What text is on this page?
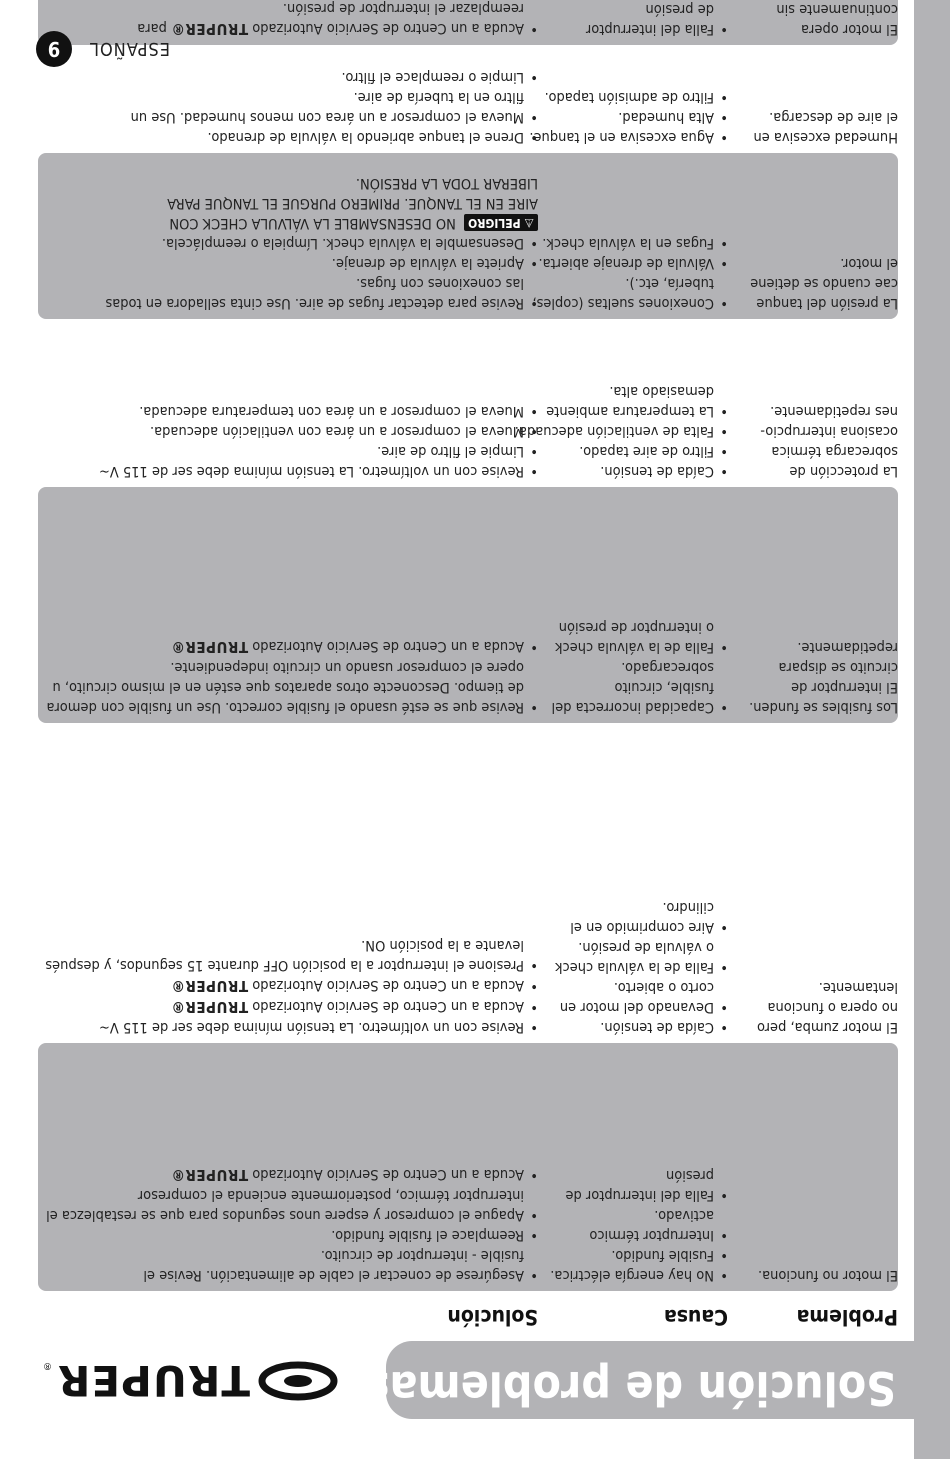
Solución de problemas
TRUPER
®
Problema
Causa
Solución
El motor no funciona.
• No hay energía eléctrica.
• Fusible fundido.
• Interruptor térmico
activado.
• Falla del interruptor de
presión
• Asegúrese de conectar el cable de alimentación. Revise el
fusible - interruptor de circuito.
• Reemplace el fusible fundido.
• Apague el compresor y espere unos segundos para que se restablezca el
interruptor térmico, posteriormente encienda el compresor
• Acuda a un Centro de Servicio Autorizado TRUPER®
El motor zumba, pero
no opera o funciona
lentamente.
• Caída de tensión.
• Devanado del motor en
corto o abierto.
• Falla de la válvula check
o válvula de presión.
• Aire comprimido en el
cilindro.
• Revise con un voltímetro. La tensión mínima debe ser de 115 V~
• Acuda a un Centro de Servicio Autorizado TRUPER®
• Acuda a un Centro de Servicio Autorizado TRUPER®
• Presione el interruptor a la posición OFF durante 15 segundos, y después
levante a la posición ON.
Los fusibles se funden.
El interruptor de
circuito se dispara
repetidamente.
• Capacidad incorrecta del
fusible, circuito
sobrecargado.
• Falla de la válvula check
o interruptor de presión
• Revise que se esté usando el fusible correcto. Use un fusible con demora
de tiempo. Desconecte otros aparatos que estén en el mismo circuito, u
opere el compresor usando un circuito independiente.
• Acuda a un Centro de Servicio Autorizado TRUPER®
La protección de
sobrecarga térmica
ocasiona interrupcio-
nes repetidamente.
• Caída de tensión.
• Filtro de aire tapado.
• Falta de ventilación adecuada.
• La temperatura ambiente
demasiado alta.
• Revise con un voltímetro. La tensión mínima debe ser de 115 V~
• Limpie el filtro de aire.
• Mueva el compresor a un área con ventilación adecuada.
• Mueva el compresor a un área con temperatura adecuada.
La presión del tanque
cae cuando se detiene
el motor.
• Conexiones sueltas (coples,
tubería, etc.).
• Válvula de drenaje abierta.
• Fugas en la válvula check.
• Revise para detectar fugas de aire. Use cinta selladora en todas
las conexiones con fugas.
• Apriete la válvula de drenaje.
• Desensamble la válvula check. Límpiela o reemplácela.
⚠ PELIGRO NO DESENSAMBLE LA VÁLVULA CHECK CON
AIRE EN EL TANQUE. PRIMERO PURGUE EL TANQUE PARA
LIBERAR TODA LA PRESIÓN.
Humedad excesiva en
el aire de descarga.
• Agua excesiva en el tanque.
• Alta humedad.
• Filtro de admisión tapado.
• Drene el tanque abriendo la válvula de drenado.
• Mueva el compresor a un área con menos humedad. Use un
filtro en la tubería de aire.
• Limpie o reemplace el filtro.
El motor opera
continuamente sin
• Falla del interruptor
de presión
• Acuda a un Centro de Servicio Autorizado TRUPER® para
reemplazar el interruptor de presión.
ESPAÑOL
9
